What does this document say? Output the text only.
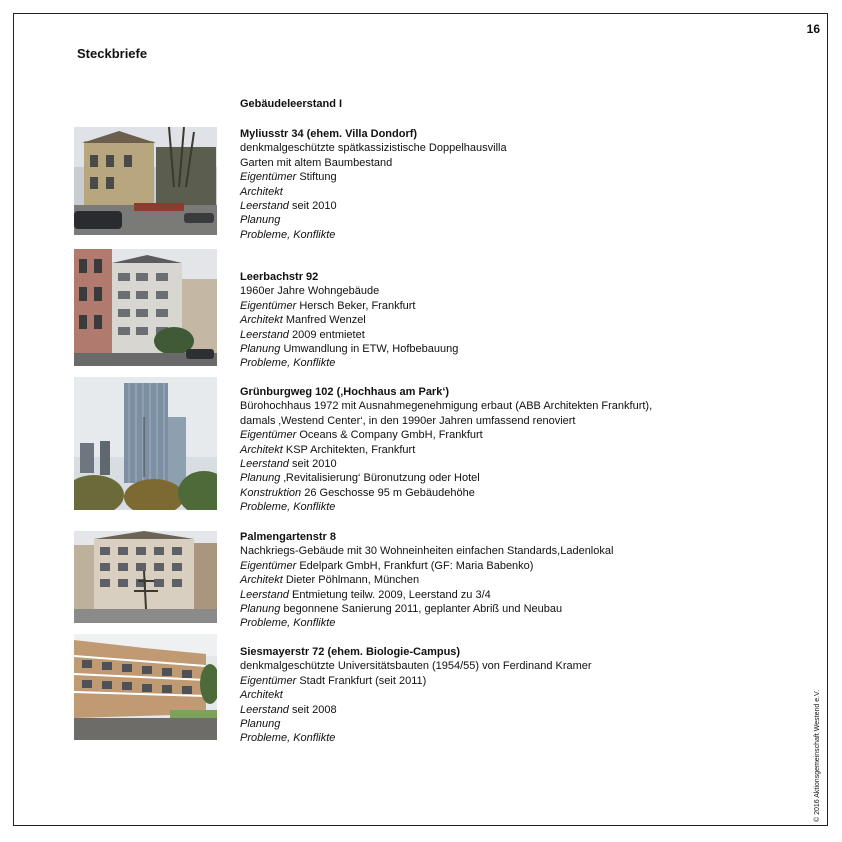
16
Steckbriefe
Gebäudeleerstand I
© 2016 Aktionsgemeinschaft Westend e.V.
Myliusstr 34 (ehem. Villa Dondorf)
denkmalgeschützte spätkassizistische Doppelhausvilla
Garten mit altem Baumbestand
Eigentümer Stiftung
Architekt
Leerstand seit 2010
Planung
Probleme, Konflikte
Leerbachstr 92
1960er Jahre Wohngebäude
Eigentümer Hersch Beker, Frankfurt
Architekt Manfred Wenzel
Leerstand 2009 entmietet
Planung Umwandlung in ETW, Hofbebauung
Probleme, Konflikte
Grünburgweg 102 (‚Hochhaus am Park‘)
Bürohochhaus 1972 mit Ausnahmegenehmigung erbaut (ABB Architekten Frankfurt),
damals ‚Westend Center‘, in den 1990er Jahren umfassend renoviert
Eigentümer Oceans & Company GmbH, Frankfurt
Architekt KSP Architekten, Frankfurt
Leerstand seit 2010
Planung ‚Revitalisierung‘ Büronutzung oder Hotel
Konstruktion 26 Geschosse 95 m Gebäudehöhe
Probleme, Konflikte
Palmengartenstr 8
Nachkriegs-Gebäude mit 30 Wohneinheiten einfachen Standards,Ladenlokal
Eigentümer Edelpark GmbH, Frankfurt (GF: Maria Babenko)
Architekt Dieter Pöhlmann, München
Leerstand Entmietung teilw. 2009, Leerstand zu 3/4
Planung begonnene Sanierung 2011, geplanter Abriß und Neubau
Probleme, Konflikte
Siesmayerstr 72 (ehem. Biologie-Campus)
denkmalgeschützte Universitätsbauten (1954/55) von Ferdinand Kramer
Eigentümer Stadt Frankfurt (seit 2011)
Architekt
Leerstand seit 2008
Planung
Probleme, Konflikte
